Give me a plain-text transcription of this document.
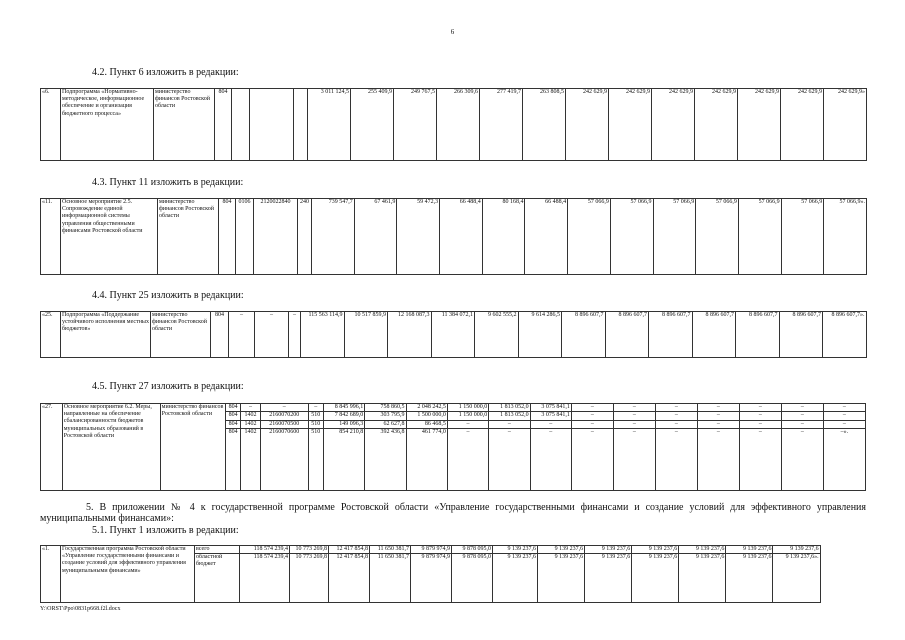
6
4.2. Пункт 6 изложить в редакции:
«6.	Подпрограмма «Нормативно-методическое, информационное обеспечение и организация бюджетного процесса»	министерство финансов Ростовской области	804				3 011 124,5	255 409,9	249 767,5	266 309,6	277 419,7	263 808,5	242 629,9	242 629,9	242 629,9	242 629,9	242 629,9	242 629,9	242 629,9»
4.3. Пункт 11 изложить в редакции:
«11.	Основное мероприятие 2.5. Сопровождение единой информационной системы управления общественными финансами Ростовской области	министерство финансов Ростовской области	804	0106	2120022840	240	739 547,7	67 461,9	59 472,3	66 488,4	80 168,4	66 488,4	57 066,9	57 066,9	57 066,9	57 066,9	57 066,9	57 066,9	57 066,9».
4.4. Пункт 25 изложить в редакции:
«25.	Подпрограмма «Поддержание устойчивого исполнения местных бюджетов»	министерство финансов Ростовской области	804	–	–	–	115 563 114,9	10 517 859,9	12 168 087,3	11 384 072,1	9 602 555,2	9 614 286,5	8 896 607,7	8 896 607,7	8 896 607,7	8 896 607,7	8 896 607,7	8 896 607,7	8 896 607,7».
4.5. Пункт 27 изложить в редакции:
«27.	Основное мероприятие 6.2. Меры, направленные на обеспечение сбалансированности бюджетов муниципальных образований в Ростовской области	министерство финансов Ростовской области	804	–	–	–	8 845 996,1	758 860,5	2 048 242,5	1 150 000,0	1 813 052,0	3 075 841,1	–	–	–	–	–	–	–
			804	1402	2160070200	510	7 842 689,0	303 795,9	1 500 000,0	1 150 000,0	1 813 052,0	3 075 841,1	–	–	–	–	–	–	–
			804	1402	2160070500	510	149 096,3	62 627,8	86 468,5	–	–	–	–	–	–	–	–	–	–
			804	1402	2160070600	510	854 210,8	392 436,8	461 774,0	–	–	–	–	–	–	–	–	–	–».
5. В приложении № 4 к государственной программе Ростовской области «Управление государственными финансами и создание условий для эффективного управления муниципальными финансами»:
5.1. Пункт 1 изложить в редакции:
«1.	Государственная программа Ростовской области «Управление государственными финансами и создание условий для эффективного управления муниципальными финансами»	всего	118 574 239,4	10 773 269,8	12 417 854,8	11 650 381,7	9 879 974,9	9 878 095,0	9 139 237,6	9 139 237,6	9 139 237,6	9 139 237,6	9 139 237,6	9 139 237,6	9 139 237,6
		областной бюджет	118 574 239,4	10 773 269,8	12 417 854,8	11 650 381,7	9 879 974,9	9 878 095,0	9 139 237,6	9 139 237,6	9 139 237,6	9 139 237,6	9 139 237,6	9 139 237,6	9 139 237,6».
Y:\ORST\Ppo\0831p668.f2l.docx
